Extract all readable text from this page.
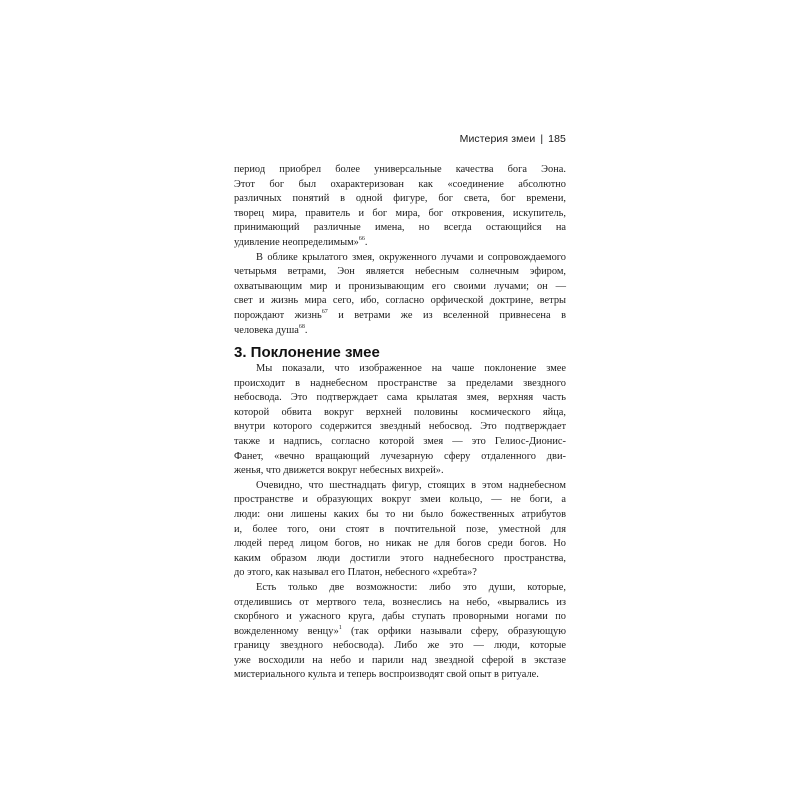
Мистерия змеи | 185
период приобрел более универсальные качества бога Эона.
Этот бог был охарактеризован как «соединение абсолютно
различных понятий в одной фигуре, бог света, бог времени,
творец мира, правитель и бог мира, бог откровения, искупитель,
принимающий различные имена, но всегда остающийся на
удивление неопределимым»$^{66}$.
В облике крылатого змея, окруженного лучами и сопровождаемого
четырьмя ветрами, Эон является небесным солнечным эфиром,
охватывающим мир и пронизывающим его своими лучами; он —
свет и жизнь мира сего, ибо, согласно орфической доктрине, ветры
порождают жизнь$^{67}$ и ветрами же из вселенной привнесена в
человека душа$^{68}$.
3. Поклонение змее
Мы показали, что изображенное на чаше поклонение змее
происходит в наднебесном пространстве за пределами звездного
небосвода. Это подтверждает сама крылатая змея, верхняя часть
которой обвита вокруг верхней половины космического яйца,
внутри которого содержится звездный небосвод. Это подтверждает
также и надпись, согласно которой змея — это Гелиос-Дионис-
Фанет, «вечно вращающий лучезарную сферу отдаленного дви-
женья, что движется вокруг небесных вихрей».
Очевидно, что шестнадцать фигур, стоящих в этом наднебесном
пространстве и образующих вокруг змеи кольцо, — не боги, а
люди: они лишены каких бы то ни было божественных атрибутов
и, более того, они стоят в почтительной позе, уместной для
людей перед лицом богов, но никак не для богов среди богов. Но
каким образом люди достигли этого наднебесного пространства,
до этого, как называл его Платон, небесного «хребта»?
Есть только две возможности: либо это души, которые,
отделившись от мертвого тела, вознеслись на небо, «вырвались из
скорбного и ужасного круга, дабы ступать проворными ногами по
вожделенному венцу»$^1$ (так орфики называли сферу, образующую
границу звездного небосвода). Либо же это — люди, которые
уже восходили на небо и парили над звездной сферой в экстазе
мистериального культа и теперь воспроизводят свой опыт в ритуале.
